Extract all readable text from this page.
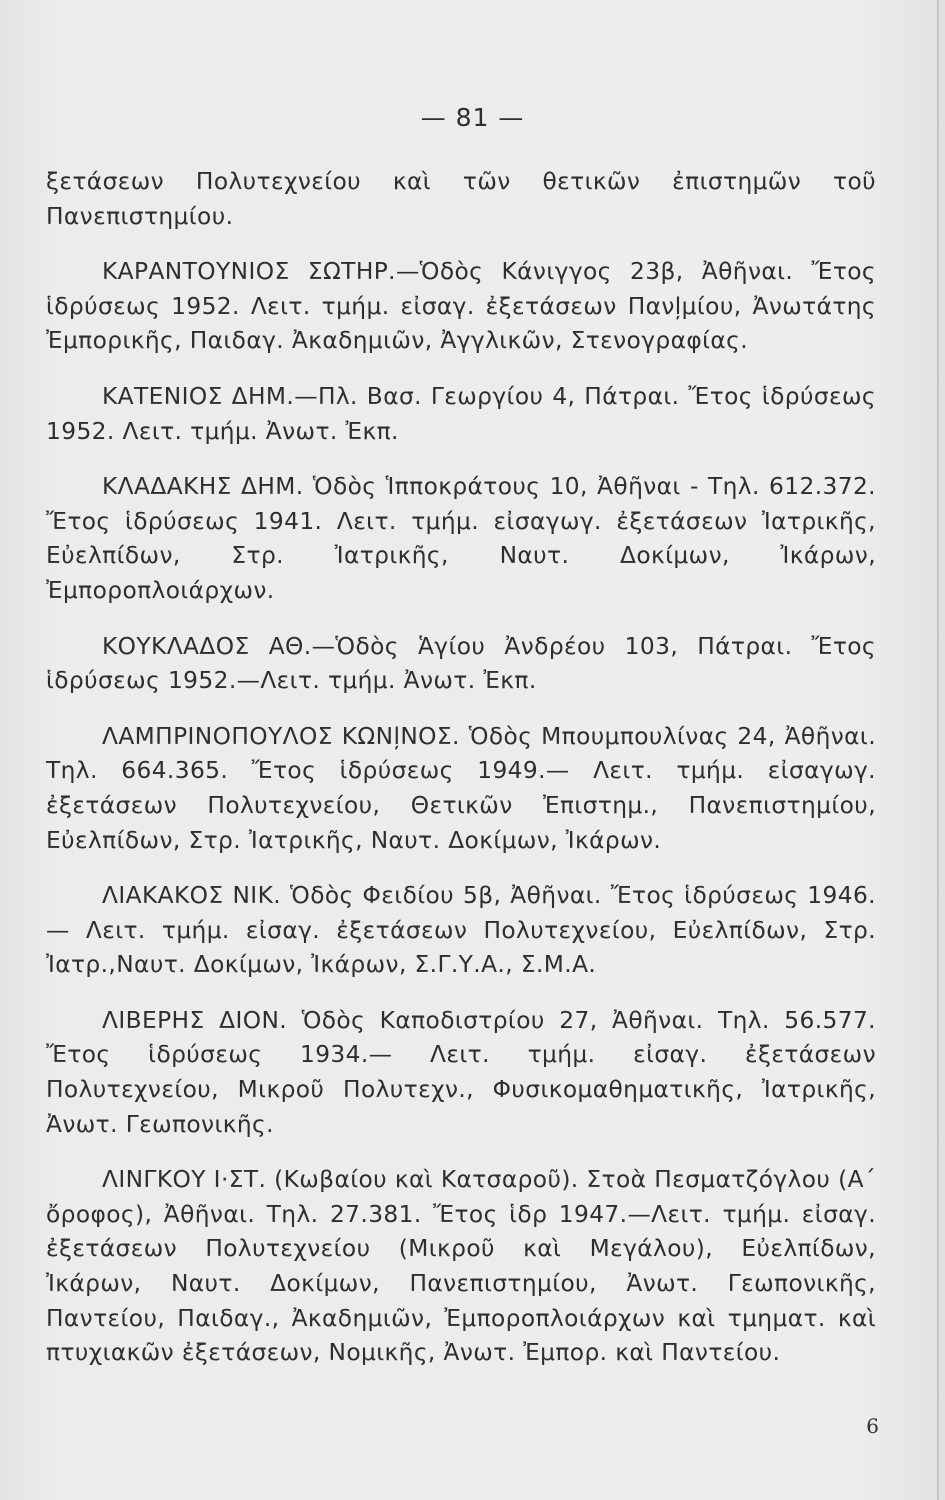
— 81 —

ξετάσεων Πολυτεχνείου καὶ τῶν θετικῶν ἐπιστημῶν τοῦ Πανεπιστημίου.

ΚΑΡΑΝΤΟΥΝΙΟΣ ΣΩΤΗΡ.—Ὁδὸς Κάνιγγος 23β, Ἀθῆναι. Ἔτος ἱδρύσεως 1952. Λειτ. τμήμ. εἰσαγ. ἐξετάσεων Πανļμίου, Ἀνωτάτης Ἐμπορικῆς, Παιδαγ. Ἀκαδημιῶν, Ἀγγλικῶν, Στενογραφίας.

ΚΑΤΕΝΙΟΣ ΔΗΜ.—Πλ. Βασ. Γεωργίου 4, Πάτραι. Ἔτος ἱδρύσεως 1952. Λειτ. τμήμ. Ἀνωτ. Ἐκπ.

ΚΛΑΔΑΚΗΣ ΔΗΜ. Ὁδὸς Ἱπποκράτους 10, Ἀθῆναι - Τηλ. 612.372. Ἔτος ἱδρύσεως 1941. Λειτ. τμήμ. εἰσαγωγ. ἐξετάσεων Ἰατρικῆς, Εὐελπίδων, Στρ. Ἰατρικῆς, Ναυτ. Δοκίμων, Ἰκάρων, Ἐμποροπλοιάρχων.

ΚΟΥΚΛΑΔΟΣ ΑΘ.—Ὁδὸς Ἁγίου Ἀνδρέου 103, Πάτραι. Ἔτος ἱδρύσεως 1952.—Λειτ. τμήμ. Ἀνωτ. Ἐκπ.

ΛΑΜΠΡΙΝΟΠΟΥΛΟΣ ΚΩΝļΝΟΣ. Ὁδὸς Μπουμπουλίνας 24, Ἀθῆναι. Τηλ. 664.365. Ἔτος ἱδρύσεως 1949.— Λειτ. τμήμ. εἰσαγωγ. ἐξετάσεων Πολυτεχνείου, Θετικῶν Ἐπιστημ., Πανεπιστημίου, Εὐελπίδων, Στρ. Ἰατρικῆς, Ναυτ. Δοκίμων, Ἰκάρων.

ΛΙΑΚΑΚΟΣ ΝΙΚ. Ὁδὸς Φειδίου 5β, Ἀθῆναι. Ἔτος ἱδρύσεως 1946.— Λειτ. τμήμ. εἰσαγ. ἐξετάσεων Πολυτεχνείου, Εὐελπίδων, Στρ. Ἰατρ.,Ναυτ. Δοκίμων, Ἰκάρων, Σ.Γ.Υ.Α., Σ.Μ.Α.

ΛΙΒΕΡΗΣ ΔΙΟΝ. Ὁδὸς Καποδιστρίου 27, Ἀθῆναι. Τηλ. 56.577. Ἔτος ἱδρύσεως 1934.— Λειτ. τμήμ. εἰσαγ. ἐξετάσεων Πολυτεχνείου, Μικροῦ Πολυτεχν., Φυσικομαθηματικῆς, Ἰατρικῆς, Ἀνωτ. Γεωπονικῆς.

ΛΙΝΓΚΟΥ Ι·ΣΤ. (Κωβαίου καὶ Κατσαροῦ). Στοὰ Πεσματζόγλου (Α΄ ὄροφος), Ἀθῆναι. Τηλ. 27.381. Ἔτος ἱδρ 1947.—Λειτ. τμήμ. εἰσαγ. ἐξετάσεων Πολυτεχνείου (Μικροῦ καὶ Μεγάλου), Εὐελπίδων, Ἰκάρων, Ναυτ. Δοκίμων, Πανεπιστημίου, Ἀνωτ. Γεωπονικῆς, Παντείου, Παιδαγ., Ἀκαδημιῶν, Ἐμποροπλοιάρχων καὶ τμηματ. καὶ πτυχιακῶν ἐξετάσεων, Νομικῆς, Ἀνωτ. Ἐμπορ. καὶ Παντείου.

6
